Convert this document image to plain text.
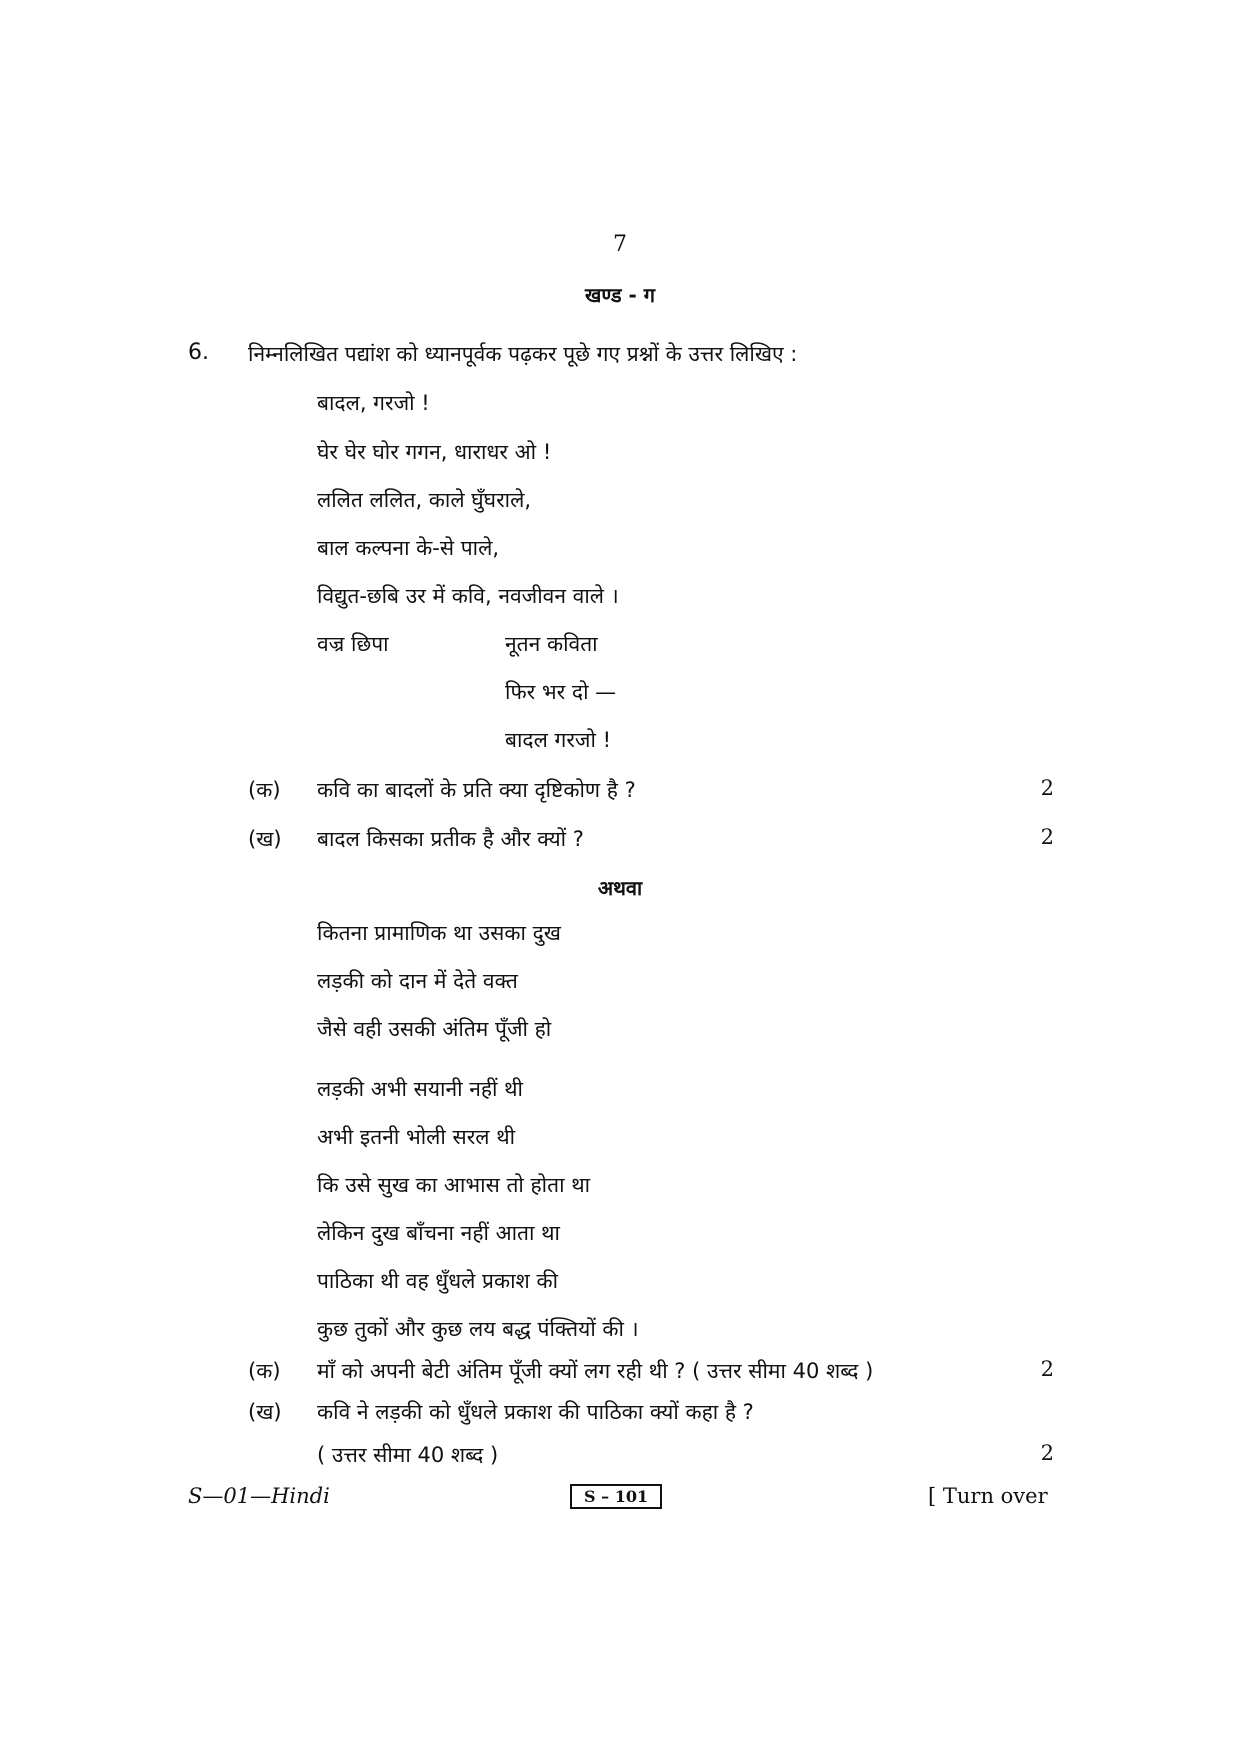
7
खण्ड - ग
6. निम्नलिखित पद्यांश को ध्यानपूर्वक पढ़कर पूछे गए प्रश्नों के उत्तर लिखिए :
बादल, गरजो !
घेर घेर घोर गगन, धाराधर ओ !
ललित ललित, काले घुँघराले,
बाल कल्पना के-से पाले,
विद्युत-छबि उर में कवि, नवजीवन वाले ।
वज्र छिपा	नूतन कविता
फिर भर दो —
बादल गरजो !
(क) कवि का बादलों के प्रति क्या दृष्टिकोण है ?	2
(ख) बादल किसका प्रतीक है और क्यों ?	2
अथवा
कितना प्रामाणिक था उसका दुख
लड़की को दान में देते वक्त
जैसे वही उसकी अंतिम पूँजी हो
लड़की अभी सयानी नहीं थी
अभी इतनी भोली सरल थी
कि उसे सुख का आभास तो होता था
लेकिन दुख बाँचना नहीं आता था
पाठिका थी वह धुँधले प्रकाश की
कुछ तुकों और कुछ लय बद्ध पंक्तियों की ।
(क) माँ को अपनी बेटी अंतिम पूँजी क्यों लग रही थी ? ( उत्तर सीमा 40 शब्द )	2
(ख) कवि ने लड़की को धुँधले प्रकाश की पाठिका क्यों कहा है ?
( उत्तर सीमा 40 शब्द )	2
S—01—Hindi	S – 101	[ Turn over
